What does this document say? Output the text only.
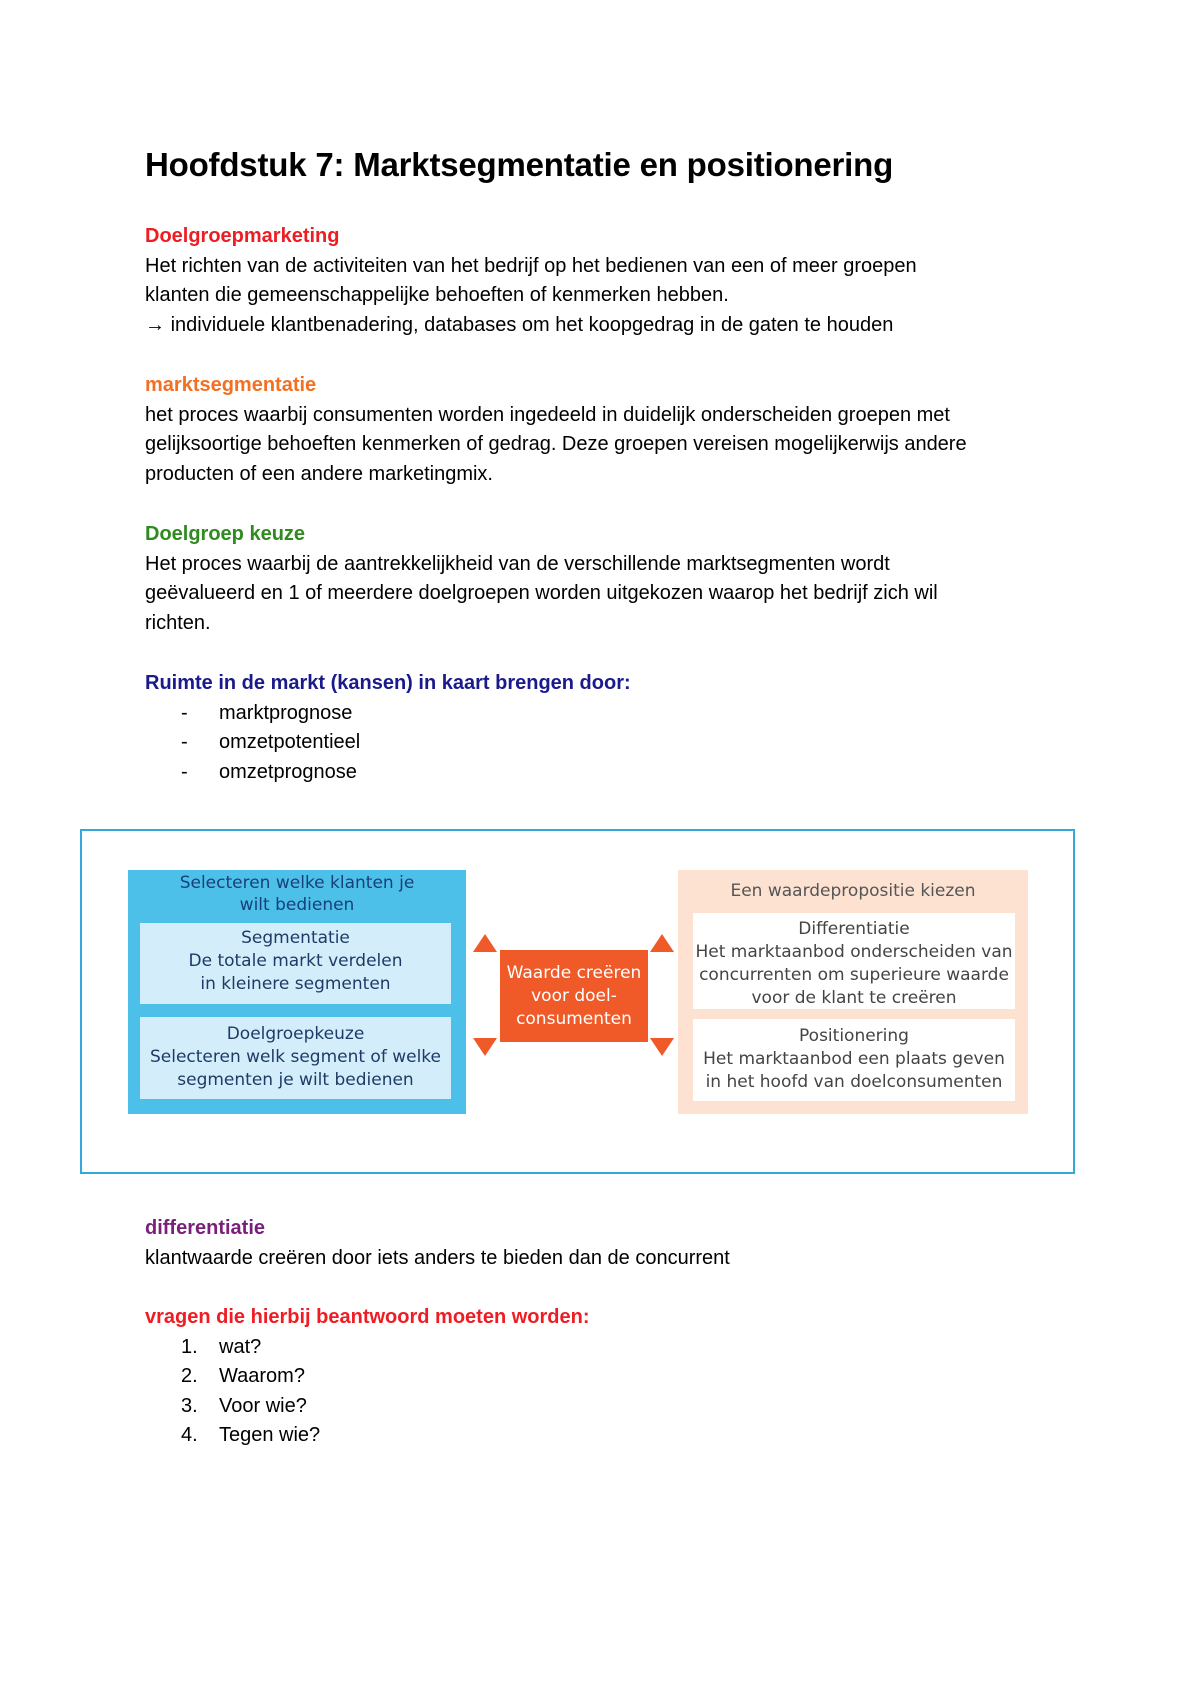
Hoofdstuk 7: Marktsegmentatie en positionering

Doelgroepmarketing

Het richten van de activiteiten van het bedrijf op het bedienen van een of meer groepen

klanten die gemeenschappelijke behoeften of kenmerken hebben.

→ individuele klantbenadering, databases om het koopgedrag in de gaten te houden

marktsegmentatie

het proces waarbij consumenten worden ingedeeld in duidelijk onderscheiden groepen met

gelijksoortige behoeften kenmerken of gedrag. Deze groepen vereisen mogelijkerwijs andere

producten of een andere marketingmix.

Doelgroep keuze

Het proces waarbij de aantrekkelijkheid van de verschillende marktsegmenten wordt

geëvalueerd en 1 of meerdere doelgroepen worden uitgekozen waarop het bedrijf zich wil

richten.

Ruimte in de markt (kansen) in kaart brengen door:

- marktprognose
- omzetpotentieel
- omzetprognose
Selecteren welke klanten je
wilt bedienen
Segmentatie
De totale markt verdelen
in kleinere segmenten
Doelgroepkeuze
Selecteren welk segment of welke
segmenten je wilt bedienen
Waarde creëren
voor doel-
consumenten
Een waardepropositie kiezen
Differentiatie
Het marktaanbod onderscheiden van
concurrenten om superieure waarde
voor de klant te creëren
Positionering
Het marktaanbod een plaats geven
in het hoofd van doelconsumenten

differentiatie

klantwaarde creëren door iets anders te bieden dan de concurrent

vragen die hierbij beantwoord moeten worden:

1. wat?
2. Waarom?
3. Voor wie?
4. Tegen wie?
